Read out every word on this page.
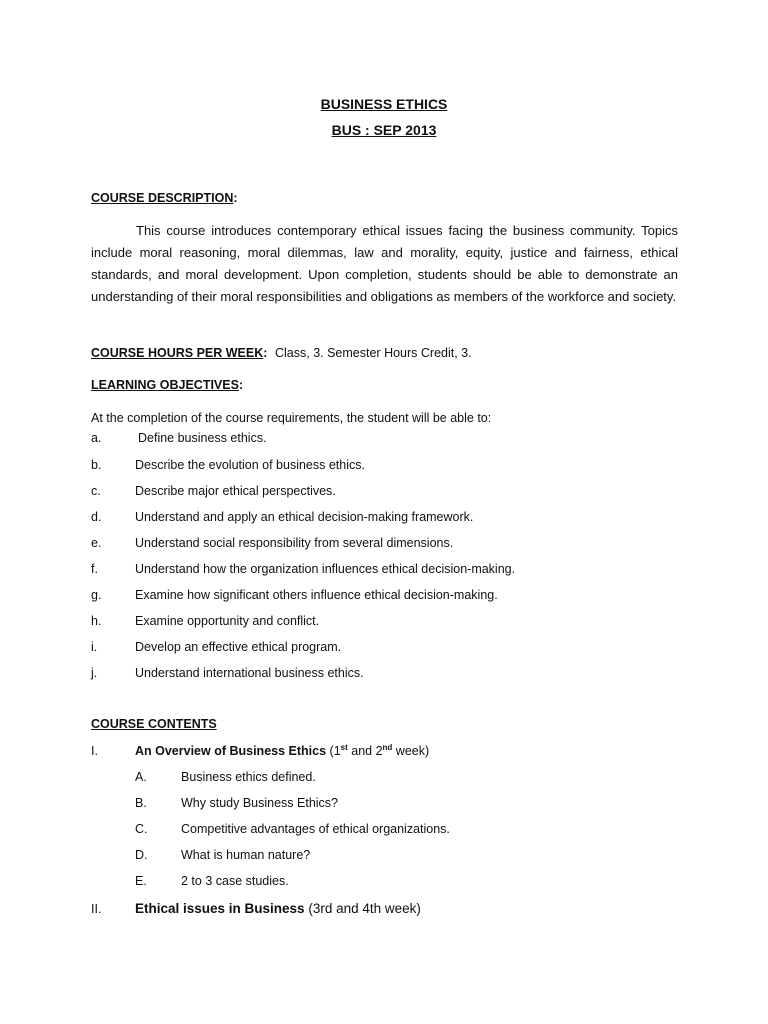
BUSINESS ETHICS
BUS : SEP 2013
COURSE DESCRIPTION:
This course introduces contemporary ethical issues facing the business community. Topics include moral reasoning, moral dilemmas, law and morality, equity, justice and fairness, ethical standards, and moral development. Upon completion, students should be able to demonstrate an understanding of their moral responsibilities and obligations as members of the workforce and society.
COURSE HOURS PER WEEK: Class, 3. Semester Hours Credit, 3.
LEARNING OBJECTIVES:
At the completion of the course requirements, the student will be able to:
a.	Define business ethics.
b.	Describe the evolution of business ethics.
c.	Describe major ethical perspectives.
d.	Understand and apply an ethical decision-making framework.
e.	Understand social responsibility from several dimensions.
f.	Understand how the organization influences ethical decision-making.
g.	Examine how significant others influence ethical decision-making.
h.	Examine opportunity and conflict.
i.	Develop an effective ethical program.
j.	Understand international business ethics.
COURSE CONTENTS
I.	An Overview of Business Ethics (1st and 2nd week)
A.	Business ethics defined.
B.	Why study Business Ethics?
C.	Competitive advantages of ethical organizations.
D.	What is human nature?
E.	2 to 3 case studies.
II. Ethical issues in Business (3rd and 4th week)
